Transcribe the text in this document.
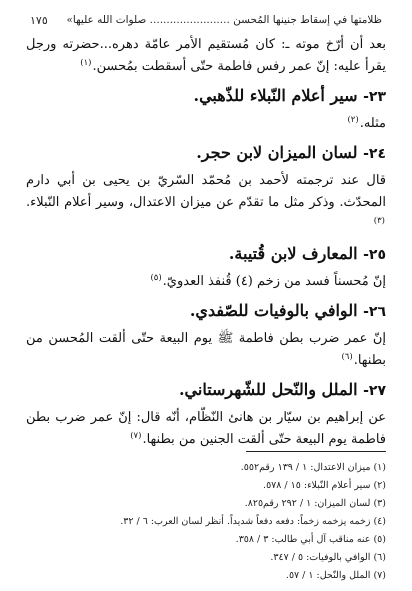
ظلامتها في إسقاط جنينها المُحسن ........................ صلوات الله عليها»
١٧٥

بعد أن أرّخ موته ـ: كان مُستقيم الأمر عامّة دهره...حضرته ورجل يقرأ عليه: إنّ عمر رفس فاطمة حتّى أسقطت بمُحسن.$^{(١)}$

٢٣- سير أعلام النّبلاء للذّهبي.

مثله.$^{(٢)}$

٢٤- لسان الميزان لابن حجر.

قال عند ترجمته لأحمد بن مُحمّد السّريّ بن يحيى بن أبي دارم المحدّث. وذكر مثل ما تقدّم عن ميزان الاعتدال، وسير أعلام النّبلاء.$^{(٣)}$

٢٥- المعارف لابن قُتيبة.

إنّ مُحسناً فسد من زخم (٤) قُنفذ العدويّ.$^{(٥)}$

٢٦- الوافي بالوفيات للصّفدي.

إنّ عمر ضرب بطن فاطمة ﷺ يوم البيعة حتّى ألقت المُحسن من بطنها.$^{(٦)}$

٢٧- الملل والنّحل للشّهرستاني.

عن إبراهيم بن سيّار بن هانئ النّظّام، أنّه قال: إنّ عمر ضرب بطن فاطمة يوم البيعة حتّى ألقت الجنين من بطنها.$^{(٧)}$

(١) ميزان الاعتدال: ١ / ١٣٩ رقم٥٥٢.

(٢) سير أعلام النّبلاء: ١٥ / ٥٧٨.

(٣) لسان الميزان: ١ / ٢٩٢ رقم٨٢٥.

(٤) زخمه يزخمه زخماً: دفعه دفعاً شديداً. أنظر لسان العرب: ٦ / ٣٢.

(٥) عنه مناقب آل أبي طالب: ٣ / ٣٥٨.

(٦) الوافي بالوفيات: ٥ / ٣٤٧.

(٧) الملل والنّحل: ١ / ٥٧.
